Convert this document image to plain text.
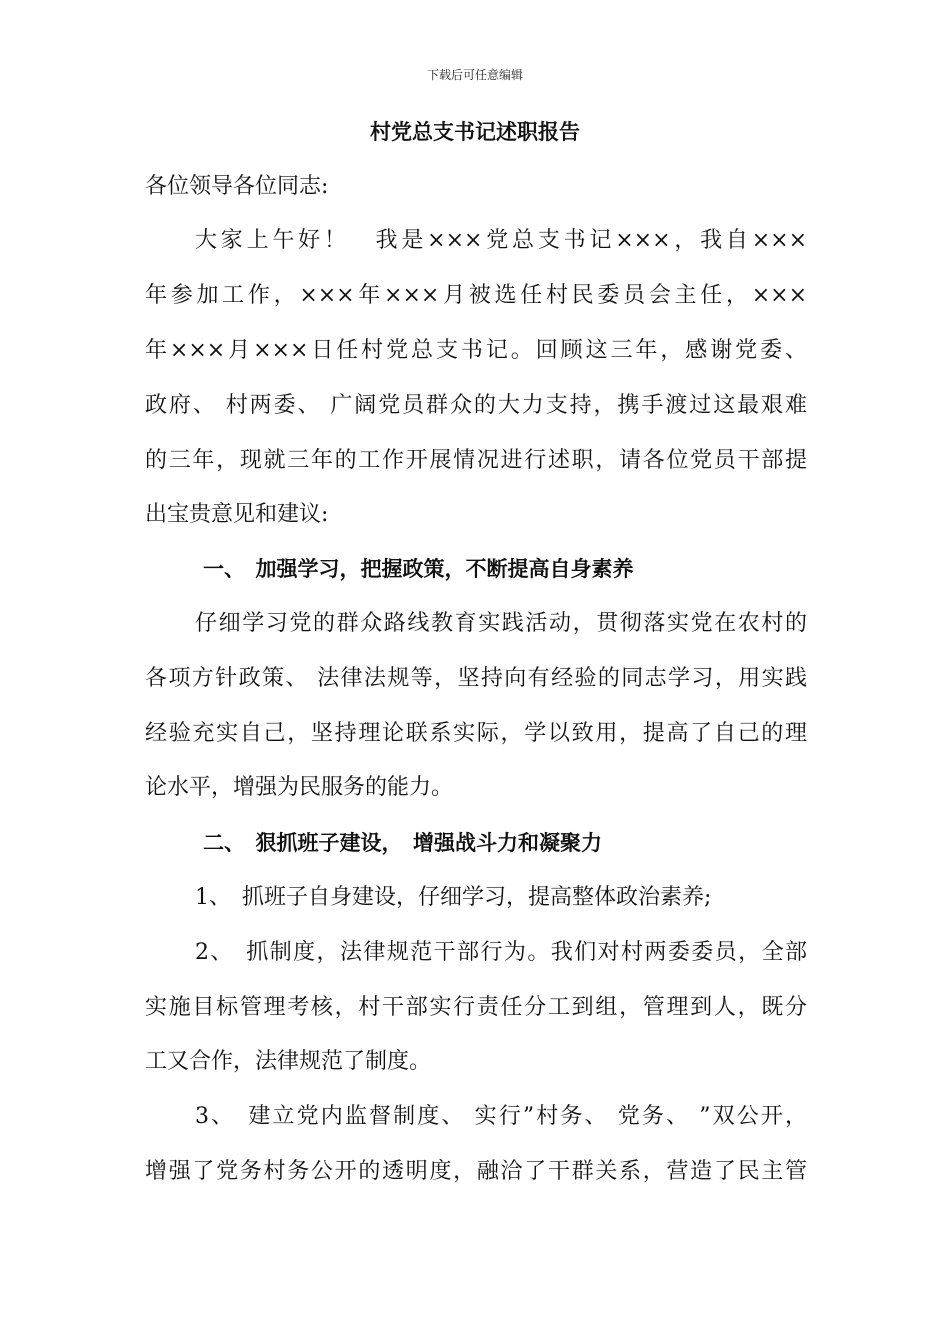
下载后可任意编辑
村党总支书记述职报告
各位领导各位同志:
大家上午好！　我是×××党总支书记×××，我自×××
年参加工作，×××年×××月被选任村民委员会主任，×××
年×××月×××日任村党总支书记。回顾这三年，感谢党委、
政府、 村两委、 广阔党员群众的大力支持，携手渡过这最艰难
的三年，现就三年的工作开展情况进行述职，请各位党员干部提
出宝贵意见和建议:
一、　加强学习，把握政策，不断提高自身素养
仔细学习党的群众路线教育实践活动，贯彻落实党在农村的
各项方针政策、 法律法规等，坚持向有经验的同志学习，用实践
经验充实自己，坚持理论联系实际，学以致用，提高了自己的理
论水平，增强为民服务的能力。
二、　狠抓班子建设，　增强战斗力和凝聚力
1、　抓班子自身建设，仔细学习，提高整体政治素养;
2、　抓制度，法律规范干部行为。我们对村两委委员，全部
实施目标管理考核，村干部实行责任分工到组，管理到人，既分
工又合作，法律规范了制度。
3、　建立党内监督制度、 实行”村务、 党务、 ”双公开，
增强了党务村务公开的透明度，融洽了干群关系，营造了民主管
